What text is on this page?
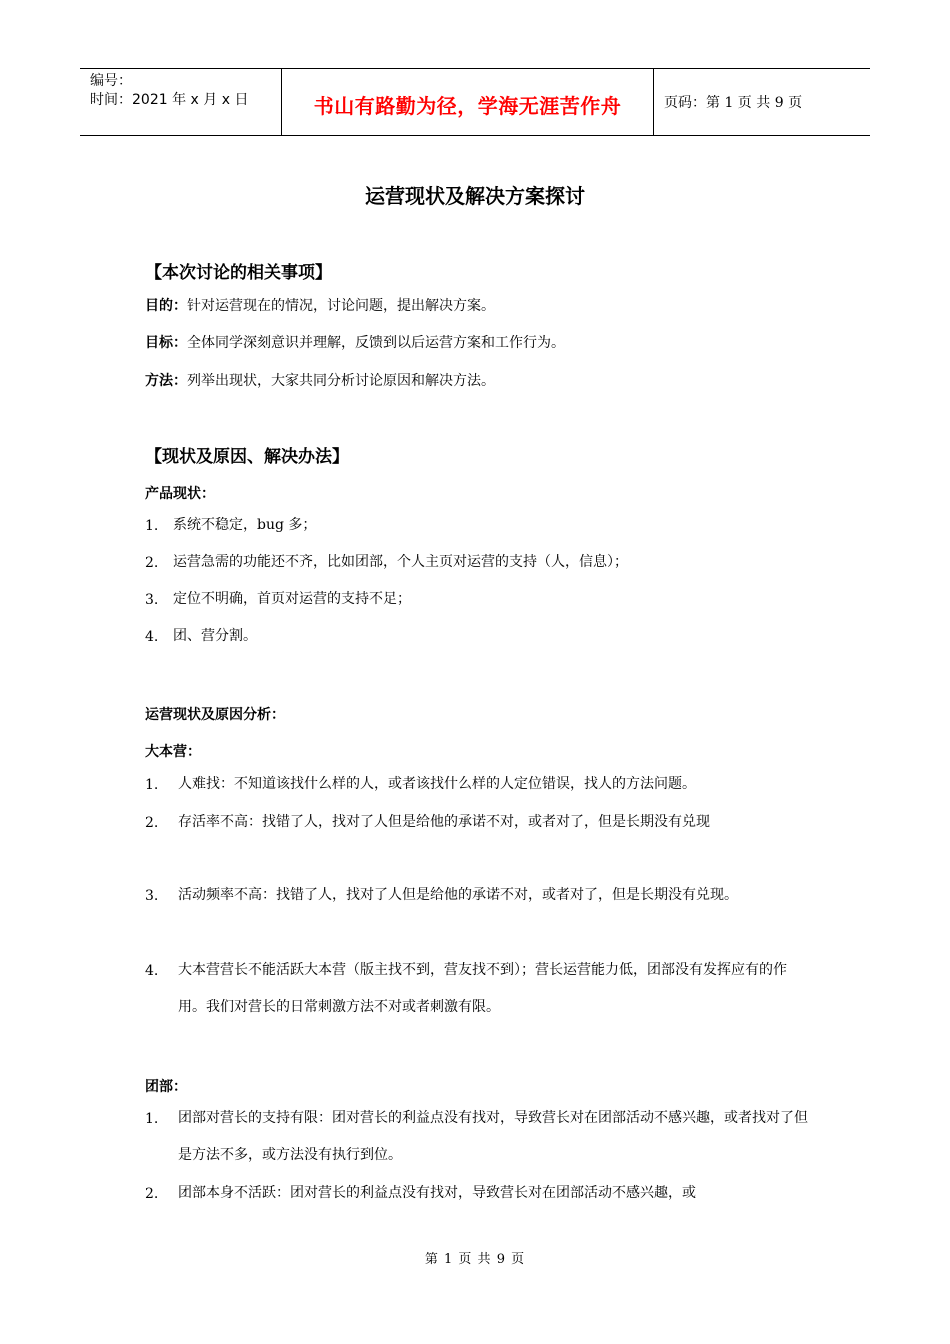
编号：
时间：2021 年 x 月 x 日	书山有路勤为径，学海无涯苦作舟	页码：第 1 页 共 9 页
运营现状及解决方案探讨
【本次讨论的相关事项】
目的：针对运营现在的情况，讨论问题，提出解决方案。
目标：全体同学深刻意识并理解，反馈到以后运营方案和工作行为。
方法：列举出现状，大家共同分析讨论原因和解决方法。
【现状及原因、解决办法】
产品现状：
1. 系统不稳定，bug 多；
2. 运营急需的功能还不齐，比如团部，个人主页对运营的支持（人，信息）；
3. 定位不明确，首页对运营的支持不足；
4. 团、营分割。
运营现状及原因分析：
大本营：
1. 人难找：不知道该找什么样的人，或者该找什么样的人定位错误，找人的方法问题。
2. 存活率不高：找错了人，找对了人但是给他的承诺不对，或者对了，但是长期没有兑现
3. 活动频率不高：找错了人，找对了人但是给他的承诺不对，或者对了，但是长期没有兑现。
4. 大本营营长不能活跃大本营（版主找不到，营友找不到）；营长运营能力低，团部没有发挥应有的作用。我们对营长的日常刺激方法不对或者刺激有限。
团部：
1. 团部对营长的支持有限：团对营长的利益点没有找对，导致营长对在团部活动不感兴趣，或者找对了但是方法不多，或方法没有执行到位。
2. 团部本身不活跃：团对营长的利益点没有找对，导致营长对在团部活动不感兴趣，或
第 1 页 共 9 页
